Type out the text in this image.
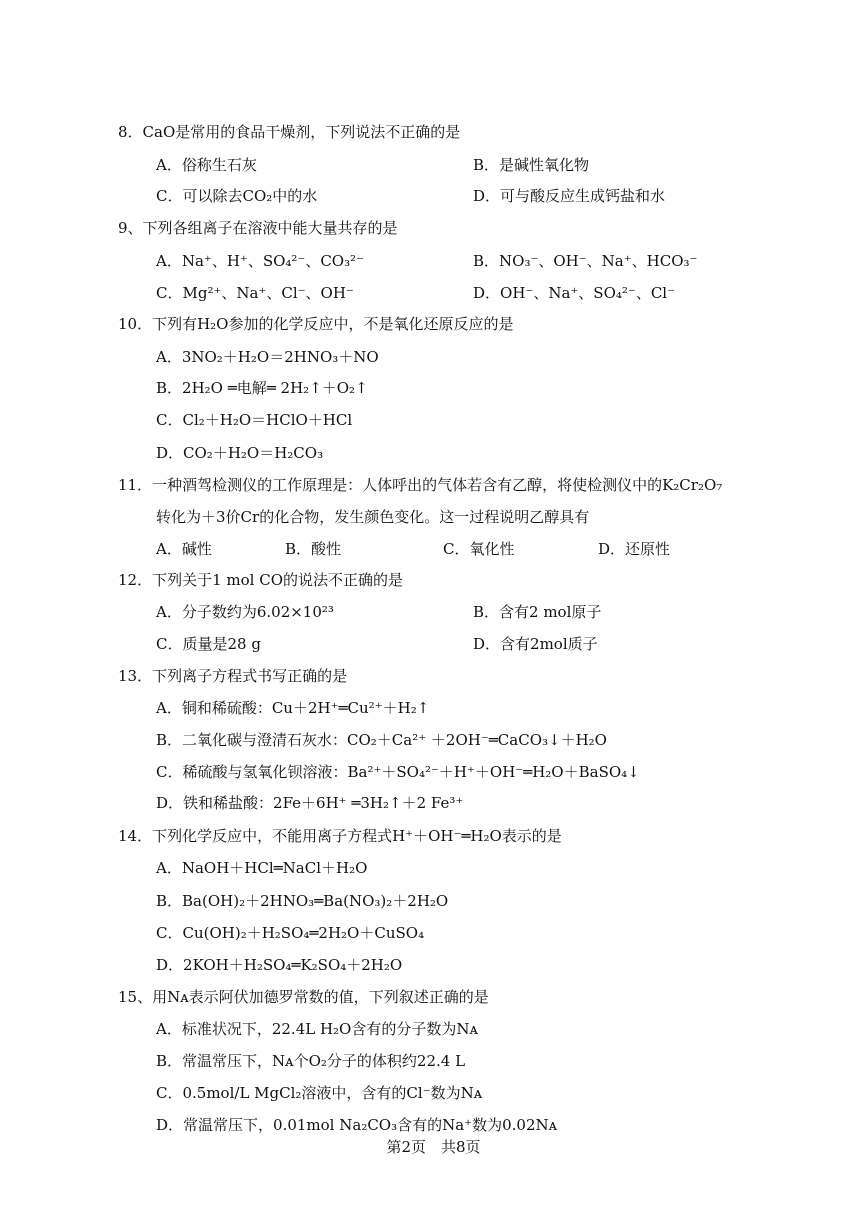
8．CaO是常用的食品干燥剂，下列说法不正确的是
A．俗称生石灰	B．是碱性氧化物
C．可以除去CO₂中的水	D．可与酸反应生成钙盐和水
9、下列各组离子在溶液中能大量共存的是
A．Na⁺、H⁺、SO₄²⁻、CO₃²⁻	B．NO₃⁻、OH⁻、Na⁺、HCO₃⁻
C．Mg²⁺、Na⁺、Cl⁻、OH⁻	D．OH⁻、Na⁺、SO₄²⁻、Cl⁻
10．下列有H₂O参加的化学反应中，不是氧化还原反应的是
A．3NO₂＋H₂O＝2HNO₃＋NO
B．2H₂O ═电解═ 2H₂↑＋O₂↑
C．Cl₂＋H₂O＝HClO＋HCl
D．CO₂＋H₂O＝H₂CO₃
11．一种酒驾检测仪的工作原理是：人体呼出的气体若含有乙醇，将使检测仪中的K₂Cr₂O₇
转化为＋3价Cr的化合物，发生颜色变化。这一过程说明乙醇具有
A．碱性	B．酸性	C．氧化性	D．还原性
12．下列关于1 mol CO的说法不正确的是
A．分子数约为6.02×10²³	B．含有2 mol原子
C．质量是28 g	D．含有2mol质子
13．下列离子方程式书写正确的是
A．铜和稀硫酸：Cu＋2H⁺═Cu²⁺＋H₂↑
B．二氧化碳与澄清石灰水：CO₂＋Ca²⁺ ＋2OH⁻═CaCO₃↓＋H₂O
C．稀硫酸与氢氧化钡溶液：Ba²⁺＋SO₄²⁻＋H⁺＋OH⁻═H₂O＋BaSO₄↓
D．铁和稀盐酸：2Fe＋6H⁺ ═3H₂↑＋2 Fe³⁺
14．下列化学反应中，不能用离子方程式H⁺＋OH⁻═H₂O表示的是
A．NaOH＋HCl═NaCl＋H₂O
B．Ba(OH)₂＋2HNO₃═Ba(NO₃)₂＋2H₂O
C．Cu(OH)₂＋H₂SO₄═2H₂O＋CuSO₄
D．2KOH＋H₂SO₄═K₂SO₄＋2H₂O
15、用Nᴀ表示阿伏加德罗常数的值，下列叙述正确的是
A．标准状况下，22.4L H₂O含有的分子数为Nᴀ
B．常温常压下，Nᴀ个O₂分子的体积约22.4 L
C．0.5mol/L MgCl₂溶液中，含有的Cl⁻数为Nᴀ
D．常温常压下，0.01mol Na₂CO₃含有的Na⁺数为0.02Nᴀ
第2页　共8页
